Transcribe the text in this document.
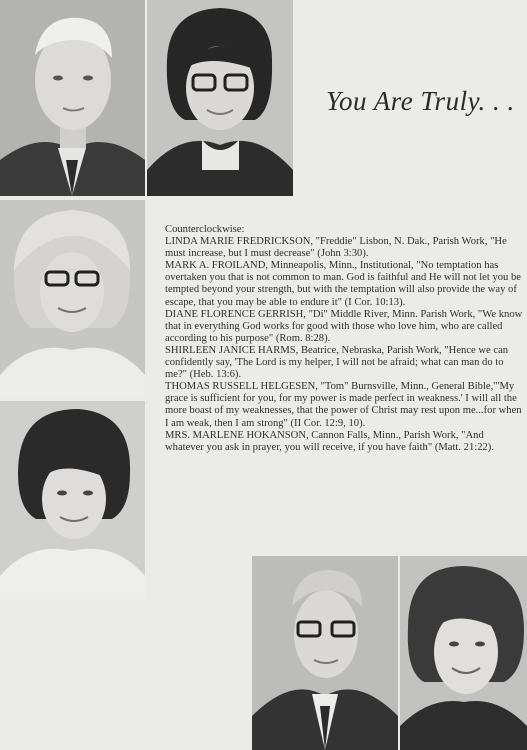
You Are Truly. . .

Counterclockwise:

LINDA MARIE FREDRICKSON, "Freddie" Lisbon, N. Dak., Parish Work, "He must increase, but I must decrease" (John 3:30).

MARK A. FROILAND, Minneapolis, Minn., Institutional, "No temptation has overtaken you that is not common to man. God is faithful and He will not let you be tempted beyond your strength, but with the temptation will also provide the way of escape, that you may be able to endure it" (I Cor. 10:13).

DIANE FLORENCE GERRISH, "Di" Middle River, Minn. Parish Work, "We know that in everything God works for good with those who love him, who are called according to his purpose" (Rom. 8:28).

SHIRLEEN JANICE HARMS, Beatrice, Nebraska, Parish Work, "Hence we can confidently say, 'The Lord is my helper, I will not be afraid; what can man do to me?" (Heb. 13:6).

THOMAS RUSSELL HELGESEN, "Tom" Burnsville, Minn., General Bible,'"My grace is sufficient for you, for my power is made perfect in weakness.' I will all the more boast of my weaknesses, that the power of Christ may rest upon me...for when I am weak, then I am strong" (II Cor. 12:9, 10).

MRS. MARLENE HOKANSON, Cannon Falls, Minn., Parish Work, "And whatever you ask in prayer, you will receive, if you have faith" (Matt. 21:22).
